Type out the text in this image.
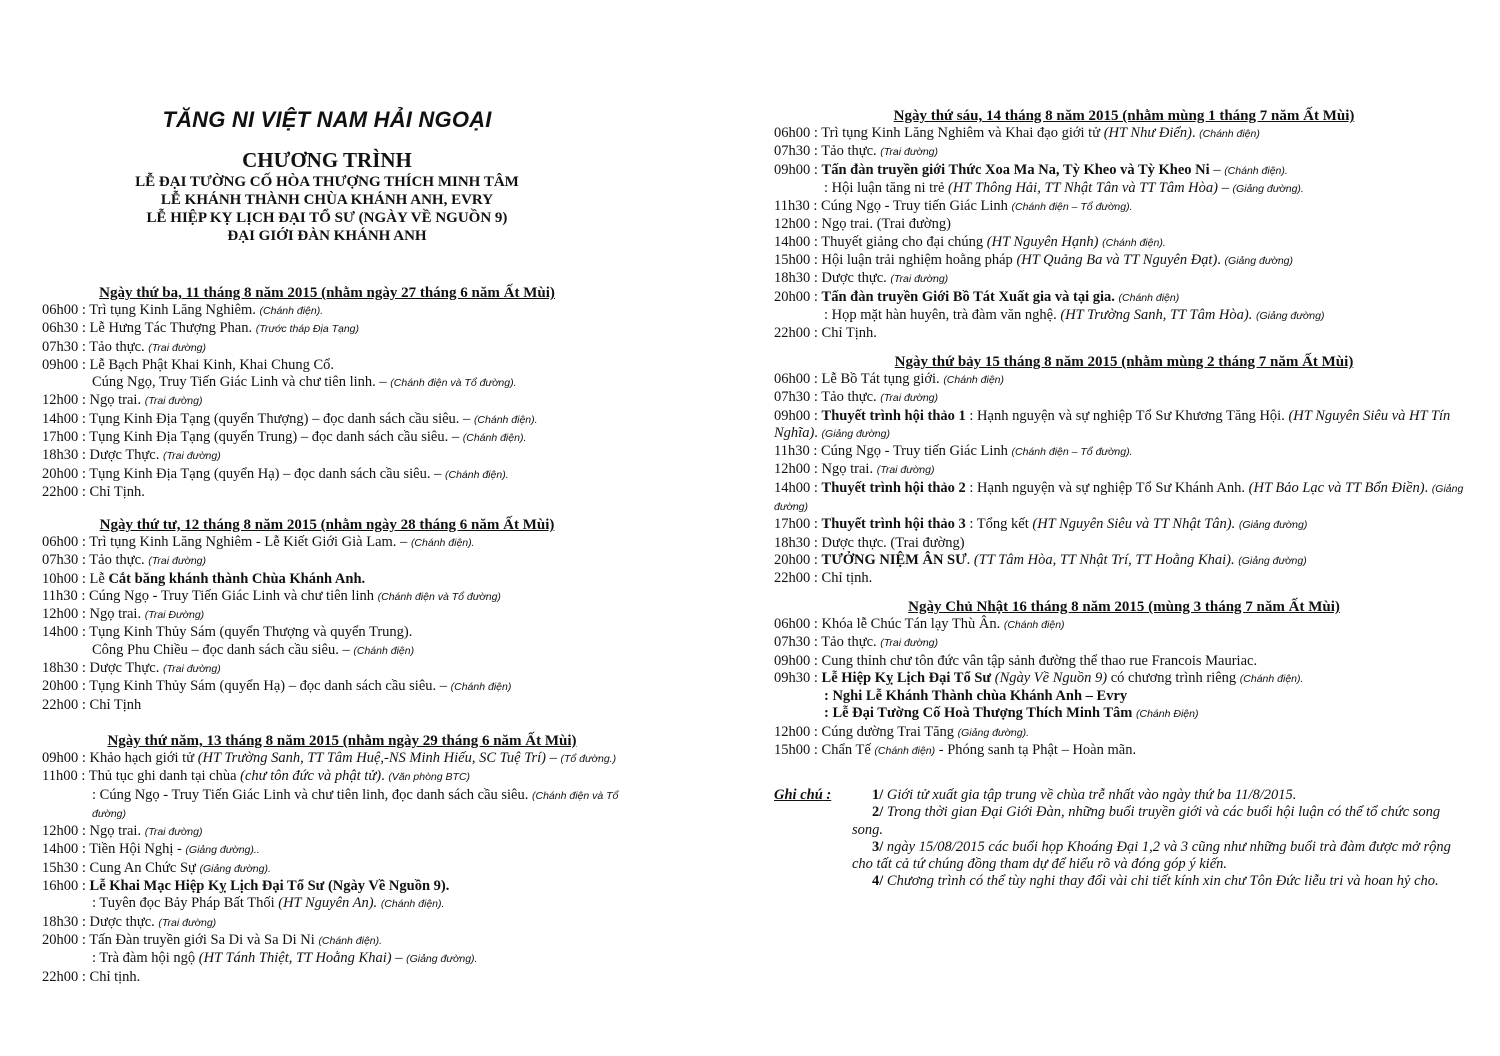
TĂNG NI VIỆT NAM HẢI NGOẠI
CHƯƠNG TRÌNH
LỄ ĐẠI TƯỜNG CỐ HÒA THƯỢNG THÍCH MINH TÂM
LỄ KHÁNH THÀNH CHÙA KHÁNH ANH, EVRY
LỄ HIỆP KỴ LỊCH ĐẠI TỔ SƯ (NGÀY VỀ NGUỒN 9)
ĐẠI GIỚI ĐÀN KHÁNH ANH
Ngày thứ ba, 11 tháng 8 năm 2015 (nhằm ngày 27 tháng 6 năm Ất Mùi)
06h00 : Trì tụng Kinh Lăng Nghiêm. (Chánh điện).
06h30 : Lễ Hưng Tác Thượng Phan. (Trước tháp Địa Tạng)
07h30 : Tảo thực. (Trai đường)
09h00 : Lễ Bạch Phật Khai Kinh, Khai Chung Cổ.
Cúng Ngọ, Truy Tiến Giác Linh và chư tiên linh. – (Chánh điện và Tổ đường).
12h00 : Ngọ trai. (Trai đường)
14h00 : Tụng Kinh Địa Tạng (quyển Thượng) – đọc danh sách cầu siêu. – (Chánh điện).
17h00 : Tụng Kinh Địa Tạng (quyển Trung) – đọc danh sách cầu siêu. – (Chánh điện).
18h30 : Dược Thực. (Trai đường)
20h00 : Tụng Kinh Địa Tạng (quyển Hạ) – đọc danh sách cầu siêu. – (Chánh điện).
22h00 : Chỉ Tịnh.
Ngày thứ tư, 12 tháng 8 năm 2015 (nhằm ngày 28 tháng 6 năm Ất Mùi)
06h00 : Trì tụng Kinh Lăng Nghiêm - Lễ Kiết Giới Già Lam. – (Chánh điện).
07h30 : Tảo thực. (Trai đường)
10h00 : Lễ Cắt băng khánh thành Chùa Khánh Anh.
11h30 : Cúng Ngọ - Truy Tiến Giác Linh và chư tiên linh (Chánh điện và Tổ đường)
12h00 : Ngọ trai. (Trai Đường)
14h00 : Tụng Kinh Thủy Sám (quyển Thượng và quyển Trung).
Công Phu Chiều – đọc danh sách cầu siêu. – (Chánh điện)
18h30 : Dược Thực. (Trai đường)
20h00 : Tụng Kinh Thủy Sám (quyển Hạ) – đọc danh sách cầu siêu. – (Chánh điện)
22h00 : Chỉ Tịnh
Ngày thứ năm, 13 tháng 8 năm 2015 (nhằm ngày 29 tháng 6 năm Ất Mùi)
09h00 : Khảo hạch giới tử (HT Trường Sanh, TT Tâm Huệ,-NS Minh Hiếu, SC Tuệ Trí) – (Tổ đường.)
11h00 : Thủ tục ghi danh tại chùa (chư tôn đức và phật tử). (Văn phòng BTC)
: Cúng Ngọ - Truy Tiến Giác Linh và chư tiên linh, đọc danh sách cầu siêu. (Chánh điện và Tổ đường)
12h00 : Ngọ trai. (Trai đường)
14h00 : Tiền Hội Nghị - (Giảng đường)..
15h30 : Cung An Chức Sự (Giảng đường).
16h00 : Lễ Khai Mạc Hiệp Kỵ Lịch Đại Tổ Sư (Ngày Về Nguồn 9).
: Tuyên đọc Bảy Pháp Bất Thối (HT Nguyên An). (Chánh điện).
18h30 : Dược thực. (Trai đường)
20h00 : Tấn Đàn truyền giới Sa Di và Sa Di Ni (Chánh điện).
: Trà đàm hội ngộ (HT Tánh Thiệt, TT Hoằng Khai) – (Giảng đường).
22h00 : Chỉ tịnh.
Ngày thứ sáu, 14 tháng 8 năm 2015 (nhằm mùng 1 tháng 7 năm Ất Mùi)
06h00 : Trì tụng Kinh Lăng Nghiêm và Khai đạo giới tử (HT Như Điển). (Chánh điện)
07h30 : Tảo thực. (Trai đường)
09h00 : Tấn đàn truyền giới Thức Xoa Ma Na, Tỳ Kheo và Tỳ Kheo Ni – (Chánh điện).
: Hội luận tăng ni trẻ (HT Thông Hải, TT Nhật Tân và TT Tâm Hòa) – (Giảng đường).
11h30 : Cúng Ngọ - Truy tiến Giác Linh (Chánh điện – Tổ đường).
12h00 : Ngọ trai. (Trai đường)
14h00 : Thuyết giảng cho đại chúng (HT Nguyên Hạnh) (Chánh điện).
15h00 : Hội luận trải nghiệm hoằng pháp (HT Quảng Ba và TT Nguyên Đạt). (Giảng đường)
18h30 : Dược thực. (Trai đường)
20h00 : Tấn đàn truyền Giới Bồ Tát Xuất gia và tại gia. (Chánh điện)
: Họp mặt hàn huyên, trà đàm văn nghệ. (HT Trường Sanh, TT Tâm Hòa). (Giảng đường)
22h00 : Chỉ Tịnh.
Ngày thứ bảy 15 tháng 8 năm 2015 (nhằm mùng 2 tháng 7 năm Ất Mùi)
06h00 : Lễ Bồ Tát tụng giới. (Chánh điện)
07h30 : Tảo thực. (Trai đường)
09h00 : Thuyết trình hội thảo 1 : Hạnh nguyện và sự nghiệp Tổ Sư Khương Tăng Hội. (HT Nguyên Siêu và HT Tín Nghĩa). (Giảng đường)
11h30 : Cúng Ngọ - Truy tiến Giác Linh (Chánh điện – Tổ đường).
12h00 : Ngọ trai. (Trai đường)
14h00 : Thuyết trình hội thảo 2 : Hạnh nguyện và sự nghiệp Tổ Sư Khánh Anh. (HT Bảo Lạc và TT Bổn Điền). (Giảng đường)
17h00 : Thuyết trình hội thảo 3 : Tổng kết (HT Nguyên Siêu và TT Nhật Tân). (Giảng đường)
18h30 : Dược thực. (Trai đường)
20h00 : TƯỞNG NIỆM ÂN SƯ. (TT Tâm Hòa, TT Nhật Trí, TT Hoằng Khai). (Giảng đường)
22h00 : Chỉ tịnh.
Ngày Chủ Nhật 16 tháng 8 năm 2015 (mùng 3 tháng 7 năm Ất Mùi)
06h00 : Khóa lễ Chúc Tán lạy Thù Ân. (Chánh điện)
07h30 : Tảo thực. (Trai đường)
09h00 : Cung thỉnh chư tôn đức vân tập sảnh đường thể thao rue Francois Mauriac.
09h30 : Lễ Hiệp Kỵ Lịch Đại Tổ Sư (Ngày Về Nguồn 9) có chương trình riêng (Chánh điện).
: Nghi Lễ Khánh Thành chùa Khánh Anh – Evry
: Lễ Đại Tường Cố Hoà Thượng Thích Minh Tâm (Chánh Điện)
12h00 : Cúng dường Trai Tăng (Giảng đường).
15h00 : Chẩn Tế (Chánh điện) - Phóng sanh tạ Phật – Hoàn mãn.
Ghi chú :	1/ Giới tử xuất gia tập trung về chùa trễ nhất vào ngày thứ ba 11/8/2015.
2/ Trong thời gian Đại Giới Đàn, những buổi truyền giới và các buổi hội luận có thể tổ chức song song.
3/ ngày 15/08/2015 các buổi họp Khoáng Đại 1,2 và 3 cũng như những buổi trà đàm được mở rộng cho tất cả tứ chúng đồng tham dự để hiểu rõ và đóng góp ý kiến.
4/ Chương trình có thể tùy nghi thay đổi vài chi tiết kính xin chư Tôn Đức liễu tri và hoan hỷ cho.
